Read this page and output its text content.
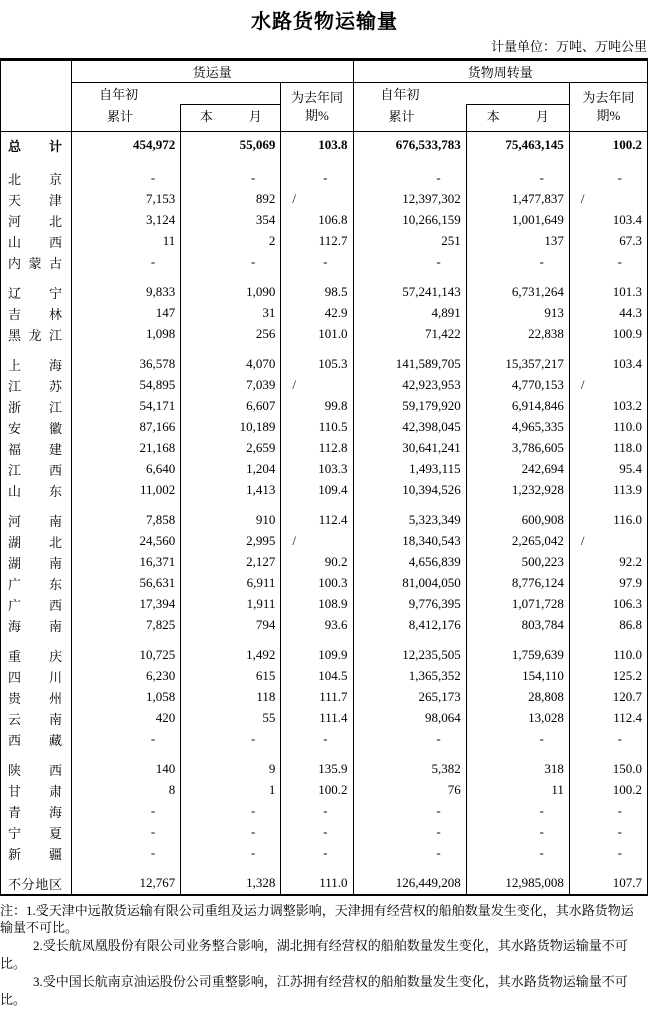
水路货物运输量
计量单位：万吨、万吨公里
	货运量			货物周转量		
	自年初		为去年同期%	自年初		为去年同期%
	累计	本月		累计	本月	
总计	454,972	55,069	103.8	676,533,783	75,463,145	100.2

北京	-	-	-	-	-	-
天津	7,153	892	/	12,397,302	1,477,837	/
河北	3,124	354	106.8	10,266,159	1,001,649	103.4
山西	11	2	112.7	251	137	67.3
内蒙古	-	-	-	-	-	-

辽宁	9,833	1,090	98.5	57,241,143	6,731,264	101.3
吉林	147	31	42.9	4,891	913	44.3
黑龙江	1,098	256	101.0	71,422	22,838	100.9

上海	36,578	4,070	105.3	141,589,705	15,357,217	103.4
江苏	54,895	7,039	/	42,923,953	4,770,153	/
浙江	54,171	6,607	99.8	59,179,920	6,914,846	103.2
安徽	87,166	10,189	110.5	42,398,045	4,965,335	110.0
福建	21,168	2,659	112.8	30,641,241	3,786,605	118.0
江西	6,640	1,204	103.3	1,493,115	242,694	95.4
山东	11,002	1,413	109.4	10,394,526	1,232,928	113.9

河南	7,858	910	112.4	5,323,349	600,908	116.0
湖北	24,560	2,995	/	18,340,543	2,265,042	/
湖南	16,371	2,127	90.2	4,656,839	500,223	92.2
广东	56,631	6,911	100.3	81,004,050	8,776,124	97.9
广西	17,394	1,911	108.9	9,776,395	1,071,728	106.3
海南	7,825	794	93.6	8,412,176	803,784	86.8

重庆	10,725	1,492	109.9	12,235,505	1,759,639	110.0
四川	6,230	615	104.5	1,365,352	154,110	125.2
贵州	1,058	118	111.7	265,173	28,808	120.7
云南	420	55	111.4	98,064	13,028	112.4
西藏	-	-	-	-	-	-

陕西	140	9	135.9	5,382	318	150.0
甘肃	8	1	100.2	76	11	100.2
青海	-	-	-	-	-	-
宁夏	-	-	-	-	-	-
新疆	-	-	-	-	-	-

不分地区	12,767	1,328	111.0	126,449,208	12,985,008	107.7

注：1.受天津中远散货运输有限公司重组及运力调整影响，天津拥有经营权的船舶数量发生变化，其水路货物运输量不可比。

2.受长航凤凰股份有限公司业务整合影响，湖北拥有经营权的船舶数量发生变化，其水路货物运输量不可比。

3.受中国长航南京油运股份公司重整影响，江苏拥有经营权的船舶数量发生变化，其水路货物运输量不可比。
